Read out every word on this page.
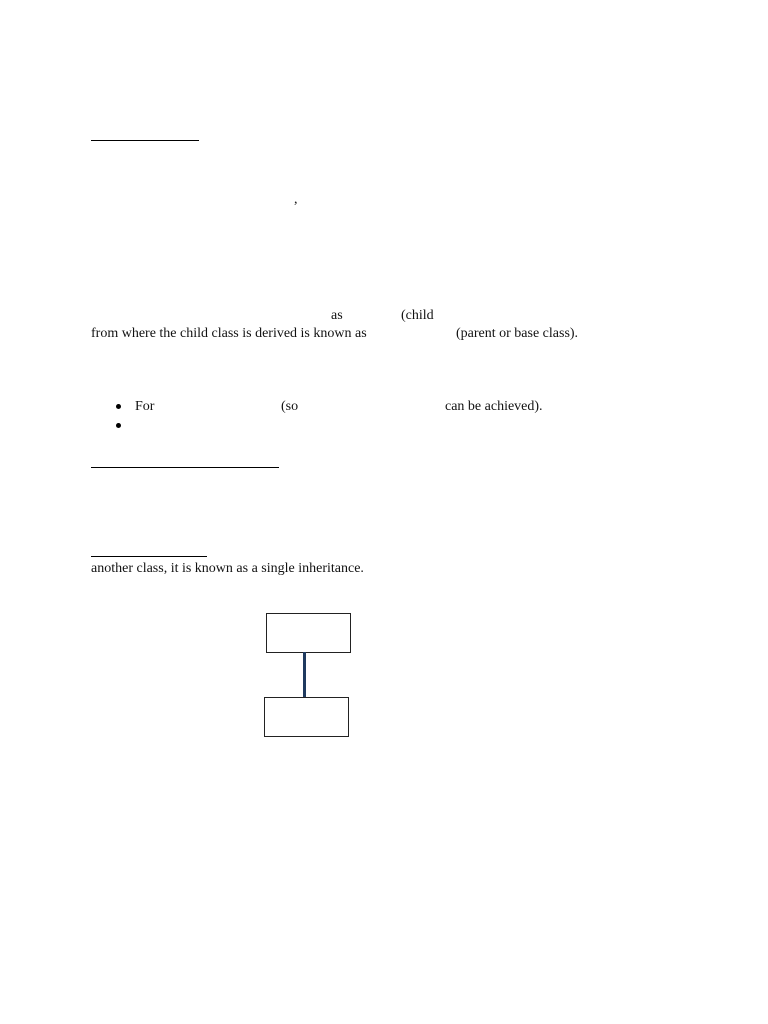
,
as	(child
from where the child class is derived is known as	(parent or base class).
For	(so	can be achieved).
another class, it is known as a single inheritance.
